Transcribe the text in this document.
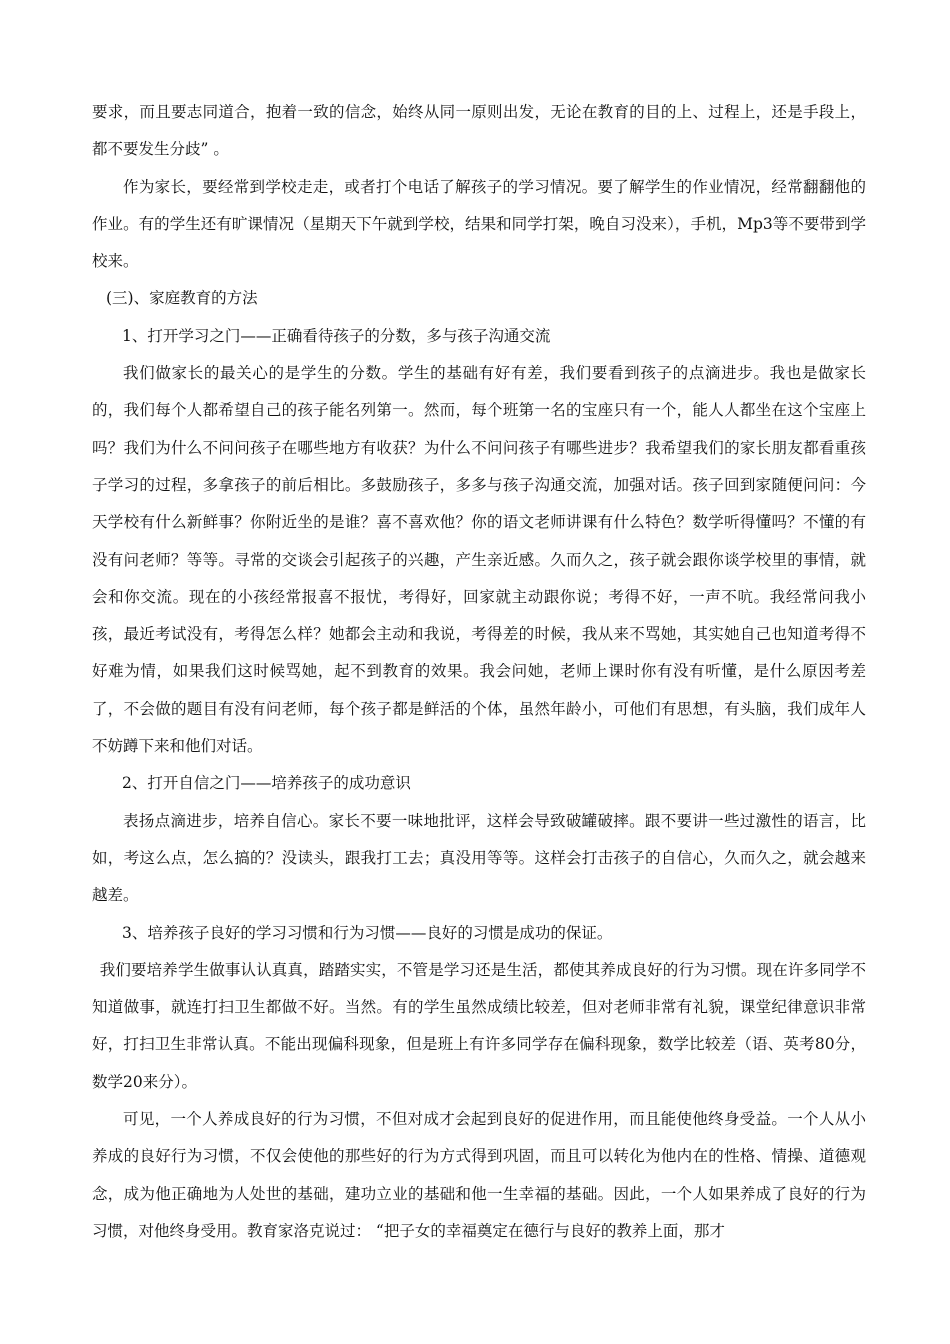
要求，而且要志同道合，抱着一致的信念，始终从同一原则出发，无论在教育的目的上、过程上，还是手段上，都不要发生分歧” 。

作为家长，要经常到学校走走，或者打个电话了解孩子的学习情况。要了解学生的作业情况，经常翻翻他的作业。有的学生还有旷课情况（星期天下午就到学校，结果和同学打架，晚自习没来），手机，Mp3等不要带到学校来。

(三)、家庭教育的方法

1、打开学习之门——正确看待孩子的分数，多与孩子沟通交流

我们做家长的最关心的是学生的分数。学生的基础有好有差，我们要看到孩子的点滴进步。我也是做家长的，我们每个人都希望自己的孩子能名列第一。然而，每个班第一名的宝座只有一个，能人人都坐在这个宝座上吗？我们为什么不问问孩子在哪些地方有收获？为什么不问问孩子有哪些进步？我希望我们的家长朋友都看重孩子学习的过程，多拿孩子的前后相比。多鼓励孩子，多多与孩子沟通交流，加强对话。孩子回到家随便问问：今天学校有什么新鲜事？你附近坐的是谁？喜不喜欢他？你的语文老师讲课有什么特色？数学听得懂吗？不懂的有没有问老师？等等。寻常的交谈会引起孩子的兴趣，产生亲近感。久而久之，孩子就会跟你谈学校里的事情，就会和你交流。现在的小孩经常报喜不报忧，考得好，回家就主动跟你说；考得不好，一声不吭。我经常问我小孩，最近考试没有，考得怎么样？她都会主动和我说，考得差的时候，我从来不骂她，其实她自己也知道考得不好难为情，如果我们这时候骂她，起不到教育的效果。我会问她，老师上课时你有没有听懂，是什么原因考差了，不会做的题目有没有问老师，每个孩子都是鲜活的个体，虽然年龄小，可他们有思想，有头脑，我们成年人不妨蹲下来和他们对话。

2、打开自信之门——培养孩子的成功意识

表扬点滴进步，培养自信心。家长不要一味地批评，这样会导致破罐破摔。跟不要讲一些过激性的语言，比如，考这么点，怎么搞的？没读头，跟我打工去；真没用等等。这样会打击孩子的自信心，久而久之，就会越来越差。

3、培养孩子良好的学习习惯和行为习惯——良好的习惯是成功的保证。

我们要培养学生做事认认真真，踏踏实实，不管是学习还是生活，都使其养成良好的行为习惯。现在许多同学不知道做事，就连打扫卫生都做不好。当然。有的学生虽然成绩比较差，但对老师非常有礼貌，课堂纪律意识非常好，打扫卫生非常认真。不能出现偏科现象，但是班上有许多同学存在偏科现象，数学比较差（语、英考80分，数学20来分）。

可见，一个人养成良好的行为习惯，不但对成才会起到良好的促进作用，而且能使他终身受益。一个人从小养成的良好行为习惯，不仅会使他的那些好的行为方式得到巩固，而且可以转化为他内在的性格、情操、道德观念，成为他正确地为人处世的基础，建功立业的基础和他一生幸福的基础。因此，一个人如果养成了良好的行为习惯，对他终身受用。教育家洛克说过： “把子女的幸福奠定在德行与良好的教养上面，那才
